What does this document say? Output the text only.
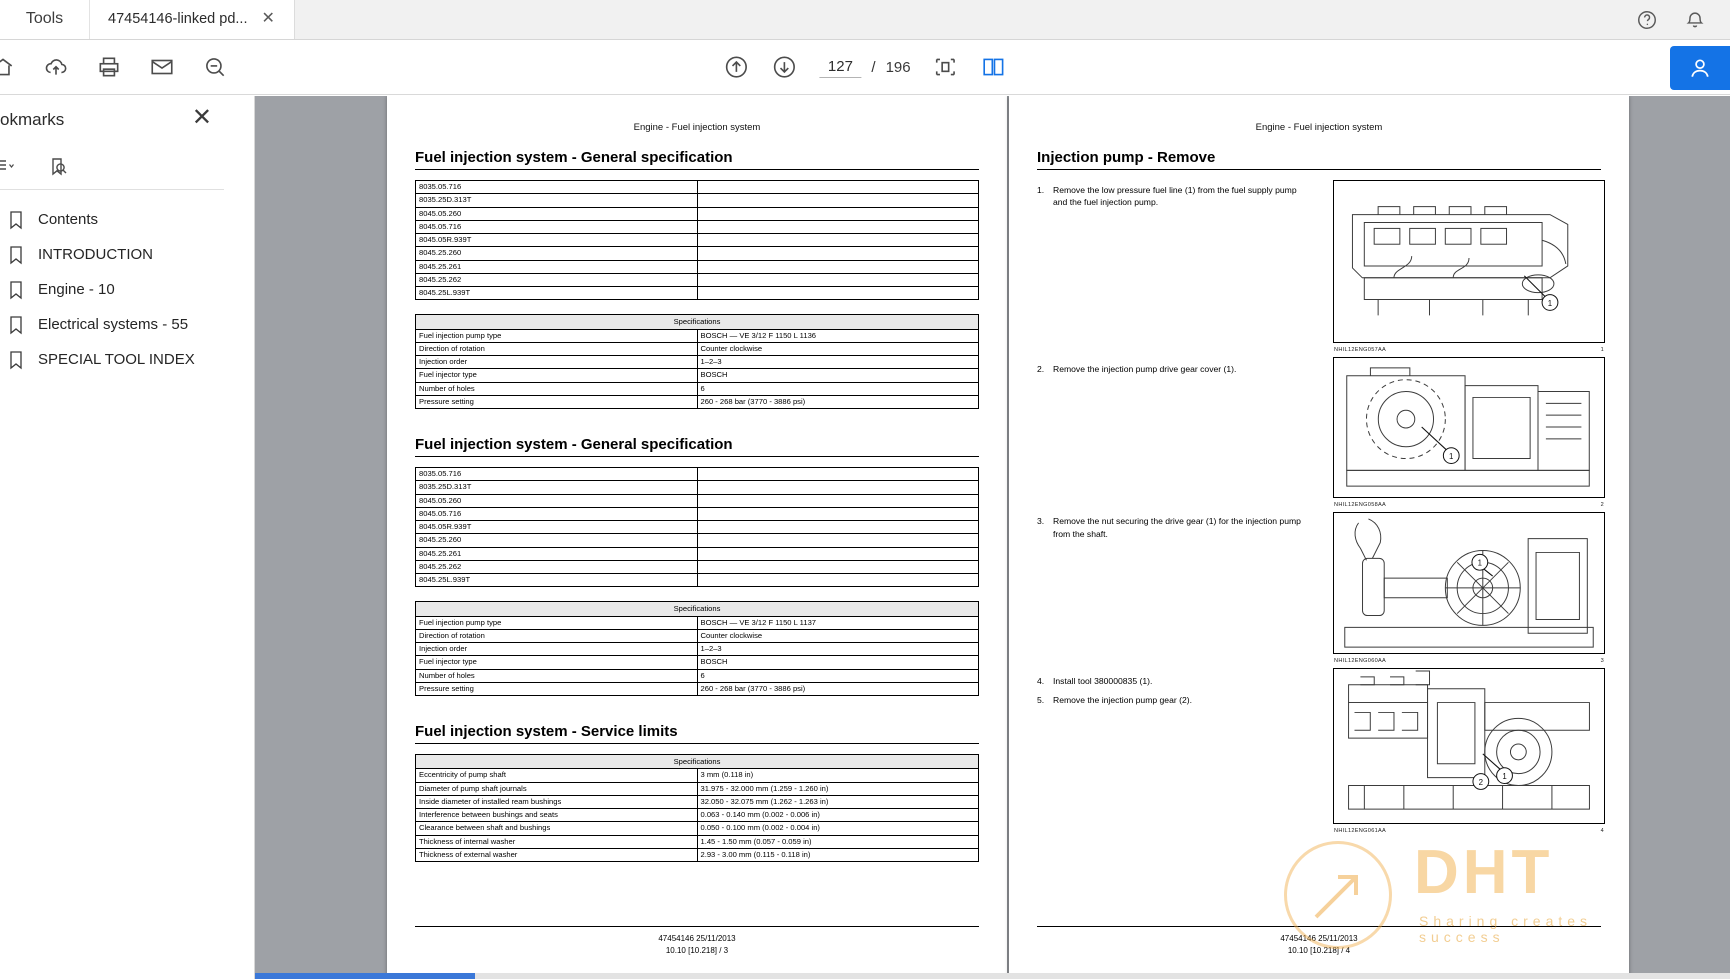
Tools	47454146-linked pd... ✕
127
/ 196
okmarks	✕
Contents
INTRODUCTION
Engine - 10
Electrical systems - 55
SPECIAL TOOL INDEX
Engine - Fuel injection system
Fuel injection system - General specification
8035.05.716	
8035.25D.313T	
8045.05.260	
8045.05.716	
8045.05R.939T	
8045.25.260	
8045.25.261	
8045.25.262	
8045.25L.939T	
Specifications	
Fuel injection pump type	BOSCH — VE 3/12 F 1150 L 1136
Direction of rotation	Counter clockwise
Injection order	1–2–3
Fuel injector type	BOSCH
Number of holes	6
Pressure setting	260 - 268 bar (3770 - 3886 psi)
Fuel injection system - General specification
8035.05.716	
8035.25D.313T	
8045.05.260	
8045.05.716	
8045.05R.939T	
8045.25.260	
8045.25.261	
8045.25.262	
8045.25L.939T	
Specifications	
Fuel injection pump type	BOSCH — VE 3/12 F 1150 L 1137
Direction of rotation	Counter clockwise
Injection order	1–2–3
Fuel injector type	BOSCH
Number of holes	6
Pressure setting	260 - 268 bar (3770 - 3886 psi)
Fuel injection system - Service limits
Specifications	
Eccentricity of pump shaft	3 mm (0.118 in)
Diameter of pump shaft journals	31.975 - 32.000 mm (1.259 - 1.260 in)
Inside diameter of installed ream bushings	32.050 - 32.075 mm (1.262 - 1.263 in)
Interference between bushings and seats	0.063 - 0.140 mm (0.002 - 0.006 in)
Clearance between shaft and bushings	0.050 - 0.100 mm (0.002 - 0.004 in)
Thickness of internal washer	1.45 - 1.50 mm (0.057 - 0.059 in)
Thickness of external washer	2.93 - 3.00 mm (0.115 - 0.118 in)
47454146 25/11/2013
10.10 [10.218] / 3
Engine - Fuel injection system
Injection pump - Remove
1.	Remove the low pressure fuel line (1) from the fuel supply pump and the fuel injection pump.
2.	Remove the injection pump drive gear cover (1).
3.	Remove the nut securing the drive gear (1) for the injection pump from the shaft.
4.	Install tool 380000835 (1).
5.	Remove the injection pump gear (2).
1
NHIL12ENG057AA	1
1
NHIL12ENG058AA	2
1
NHIL12ENG060AA	3
1
2
NHIL12ENG061AA	4
47454146 25/11/2013
10.10 [10.218] / 4
DHT
Sharing creates success
